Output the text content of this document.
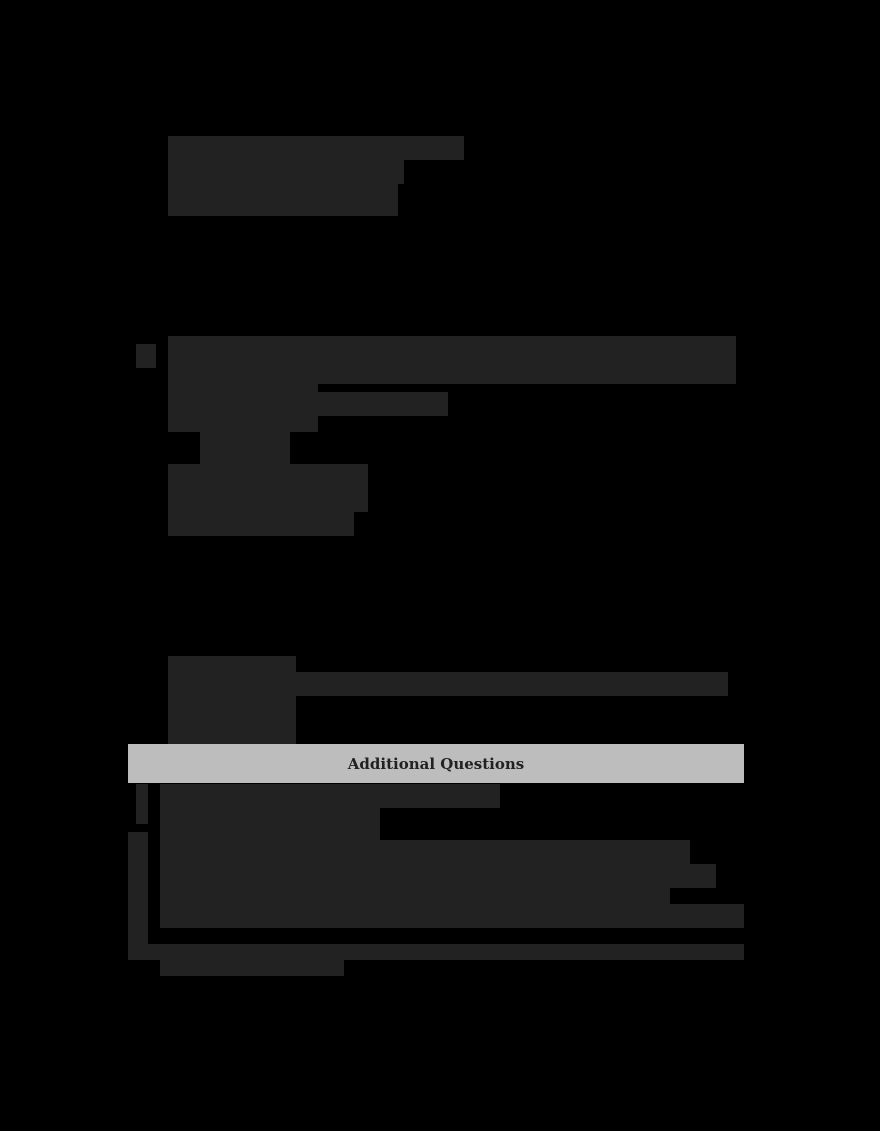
Additional Questions
